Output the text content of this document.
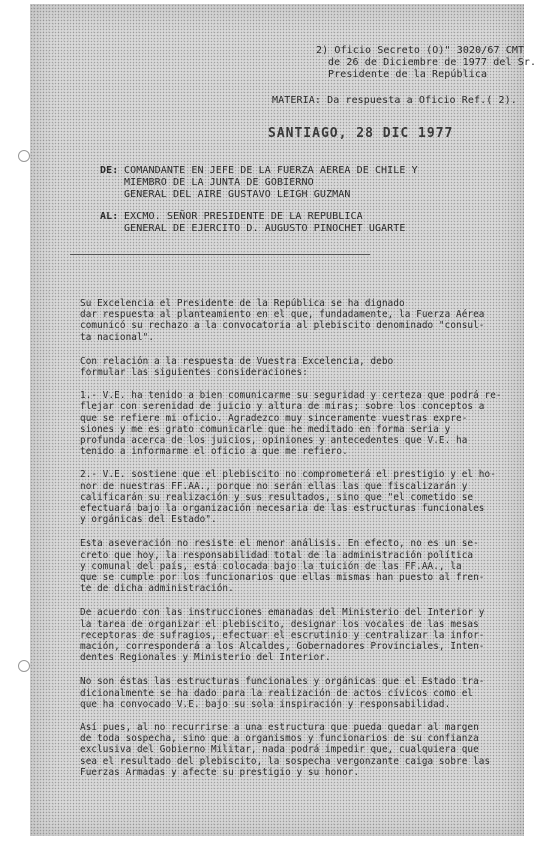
2) Oficio Secreto (O)" 3020/67 CMT
de 26 de Diciembre de 1977 del Sr.
Presidente de la República
MATERIA: Da respuesta a Oficio Ref.( 2).
SANTIAGO, 28 DIC 1977
DE: COMANDANTE EN JEFE DE LA FUERZA AEREA DE CHILE Y
MIEMBRO DE LA JUNTA DE GOBIERNO
GENERAL DEL AIRE GUSTAVO LEIGH GUZMAN
AL: EXCMO. SEÑOR PRESIDENTE DE LA REPUBLICA
GENERAL DE EJERCITO D. AUGUSTO PINOCHET UGARTE
Su Excelencia el Presidente de la República se ha dignado
dar respuesta al planteamiento en el que, fundadamente, la Fuerza Aérea
comunicó su rechazo a la convocatoria al plebiscito denominado "consul-
ta nacional".
Con relación a la respuesta de Vuestra Excelencia, debo
formular las siguientes consideraciones:
1.- V.E. ha tenido a bien comunicarme su seguridad y certeza que podrá re-
flejar con serenidad de juicio y altura de miras; sobre los conceptos a
que se refiere mi oficio. Agradezco muy sinceramente vuestras expre-
siones y me es grato comunicarle que he meditado en forma seria y
profunda acerca de los juicios, opiniones y antecedentes que V.E. ha
tenido a informarme el oficio a que me refiero.
2.- V.E. sostiene que el plebiscito no comprometerá el prestigio y el ho-
nor de nuestras FF.AA., porque no serán ellas las que fiscalizarán y
calificarán su realización y sus resultados, sino que "el cometido se
efectuará bajo la organización necesaria de las estructuras funcionales
y orgánicas del Estado".
Esta aseveración no resiste el menor análisis. En efecto, no es un se-
creto que hoy, la responsabilidad total de la administración política
y comunal del país, está colocada bajo la tuición de las FF.AA., la
que se cumple por los funcionarios que ellas mismas han puesto al fren-
te de dicha administración.
De acuerdo con las instrucciones emanadas del Ministerio del Interior y
la tarea de organizar el plebiscito, designar los vocales de las mesas
receptoras de sufragios, efectuar el escrutinio y centralizar la infor-
mación, corresponderá a los Alcaldes, Gobernadores Provinciales, Inten-
dentes Regionales y Ministerio del Interior.
No son éstas las estructuras funcionales y orgánicas que el Estado tra-
dicionalmente se ha dado para la realización de actos cívicos como el
que ha convocado V.E. bajo su sola inspiración y responsabilidad.
Así pues, al no recurrirse a una estructura que pueda quedar al margen
de toda sospecha, sino que a organismos y funcionarios de su confianza
exclusiva del Gobierno Militar, nada podrá impedir que, cualquiera que
sea el resultado del plebiscito, la sospecha vergonzante caiga sobre las
Fuerzas Armadas y afecte su prestigio y su honor.
